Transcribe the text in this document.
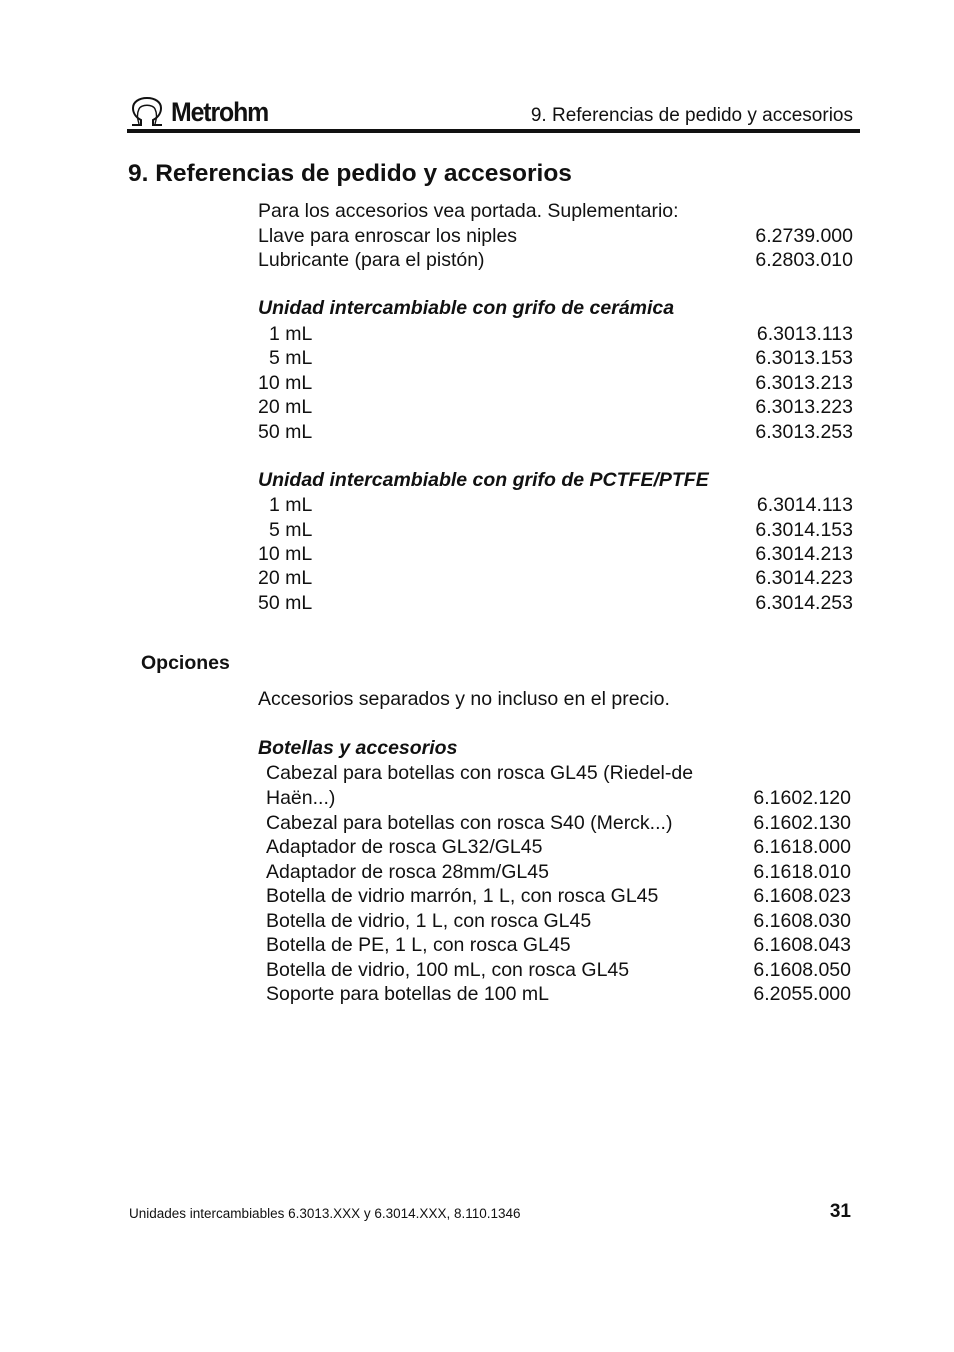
Metrohm	9. Referencias de pedido y accesorios
9. Referencias de pedido y accesorios
Para los accesorios vea portada. Suplementario:
Llave para enroscar los niples	6.2739.000
Lubricante (para el pistón)	6.2803.010
Unidad intercambiable con grifo de cerámica
1 mL	6.3013.113
5 mL	6.3013.153
10 mL	6.3013.213
20 mL	6.3013.223
50 mL	6.3013.253
Unidad intercambiable con grifo de PCTFE/PTFE
1 mL	6.3014.113
5 mL	6.3014.153
10 mL	6.3014.213
20 mL	6.3014.223
50 mL	6.3014.253
Opciones
Accesorios separados y no incluso en el precio.
Botellas y accesorios
Cabezal para botellas con rosca GL45 (Riedel-de
Haën...)	6.1602.120
Cabezal para botellas con rosca S40 (Merck...)	6.1602.130
Adaptador de rosca GL32/GL45	6.1618.000
Adaptador de rosca 28mm/GL45	6.1618.010
Botella de vidrio marrón, 1 L, con rosca GL45	6.1608.023
Botella de vidrio, 1 L, con rosca GL45	6.1608.030
Botella de PE, 1 L, con rosca GL45	6.1608.043
Botella de vidrio, 100 mL, con rosca GL45	6.1608.050
Soporte para botellas de 100 mL	6.2055.000
Unidades intercambiables 6.3013.XXX y 6.3014.XXX, 8.110.1346	31
